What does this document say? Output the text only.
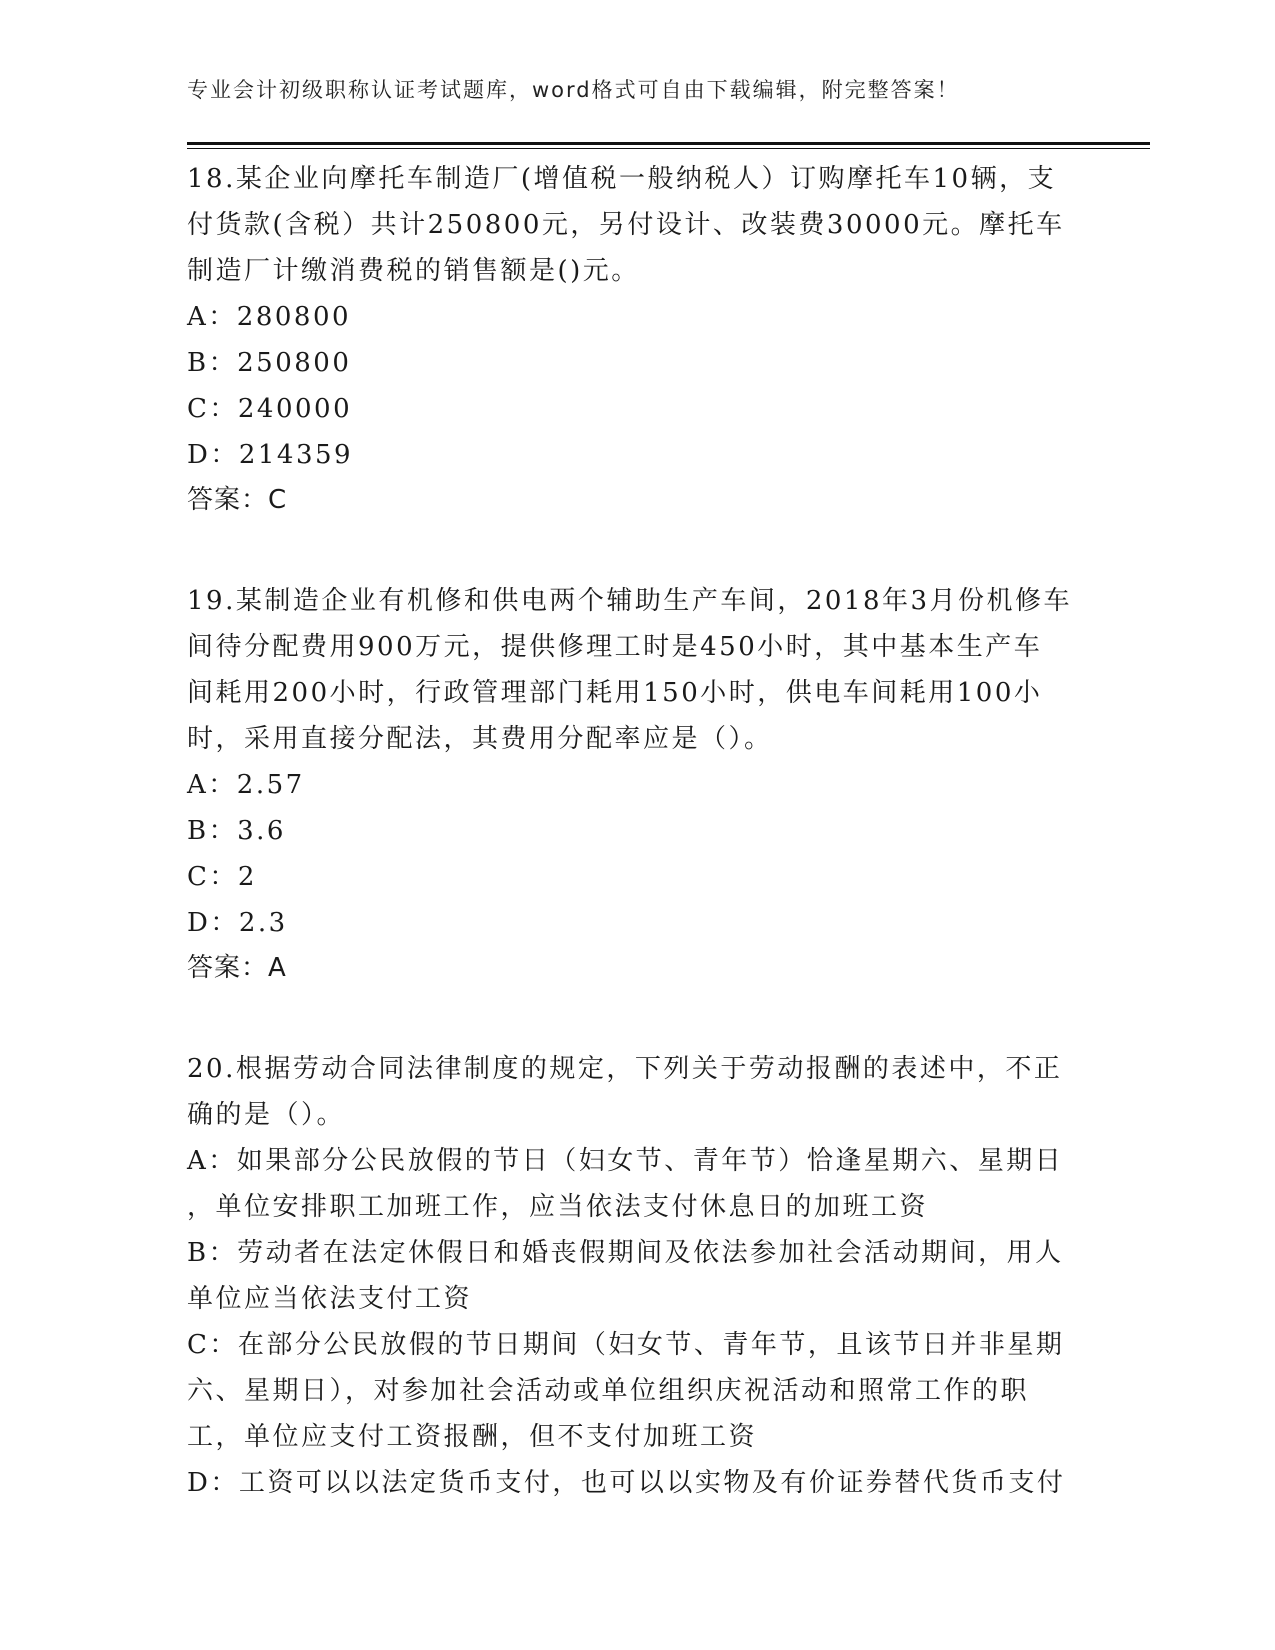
专业会计初级职称认证考试题库，word格式可自由下载编辑，附完整答案！

18.某企业向摩托车制造厂(增值税一般纳税人）订购摩托车10辆，支

付货款(含税）共计250800元，另付设计、改装费30000元。摩托车

制造厂计缴消费税的销售额是()元。

A：280800

B：250800

C：240000

D：214359

答案：C

19.某制造企业有机修和供电两个辅助生产车间，2018年3月份机修车

间待分配费用900万元，提供修理工时是450小时，其中基本生产车

间耗用200小时，行政管理部门耗用150小时，供电车间耗用100小

时，采用直接分配法，其费用分配率应是（）。

A：2.57

B：3.6

C：2

D：2.3

答案：A

20.根据劳动合同法律制度的规定，下列关于劳动报酬的表述中，不正

确的是（）。

A：如果部分公民放假的节日（妇女节、青年节）恰逢星期六、星期日

，单位安排职工加班工作，应当依法支付休息日的加班工资

B：劳动者在法定休假日和婚丧假期间及依法参加社会活动期间，用人

单位应当依法支付工资

C：在部分公民放假的节日期间（妇女节、青年节，且该节日并非星期

六、星期日），对参加社会活动或单位组织庆祝活动和照常工作的职

工，单位应支付工资报酬，但不支付加班工资

D：工资可以以法定货币支付，也可以以实物及有价证券替代货币支付
